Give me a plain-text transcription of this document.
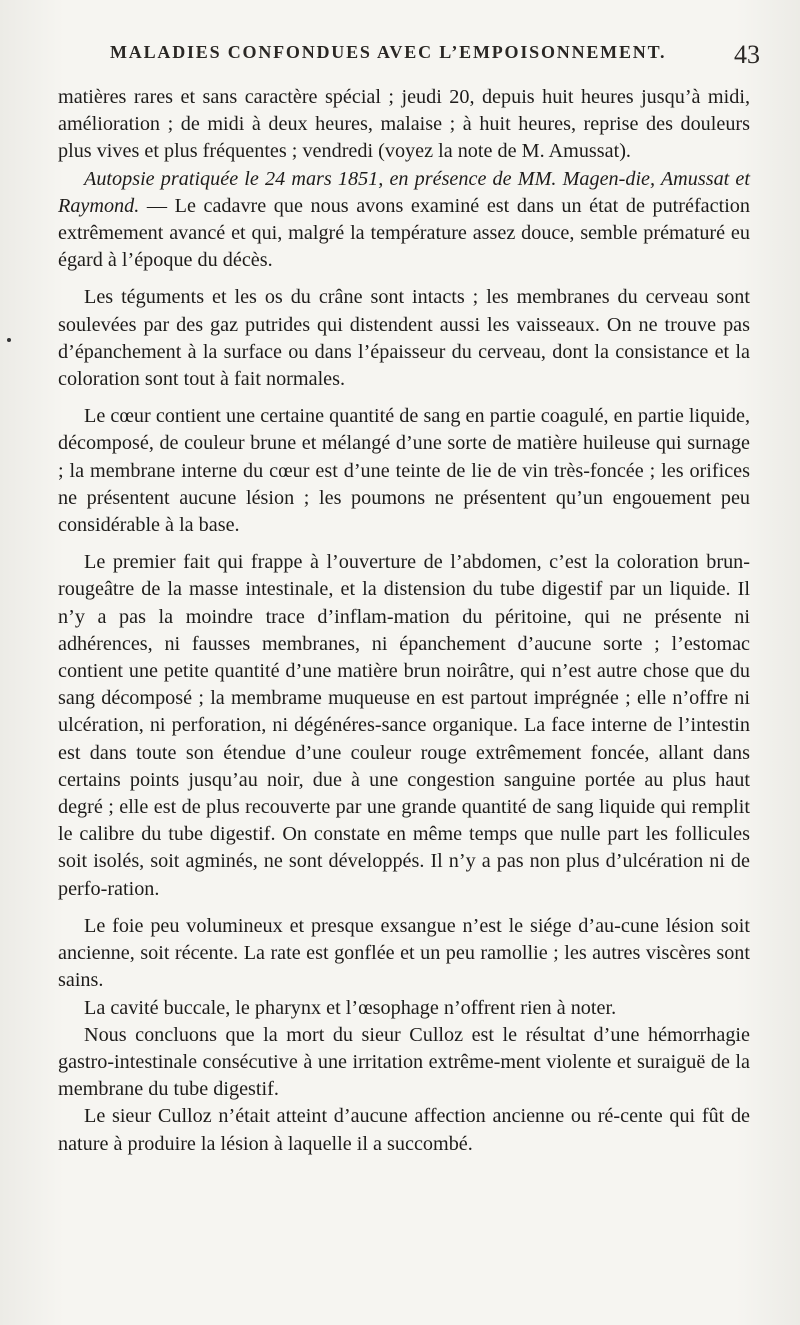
MALADIES CONFONDUES AVEC L’EMPOISONNEMENT.	43

matières rares et sans caractère spécial ; jeudi 20, depuis huit heures jusqu’à midi, amélioration ; de midi à deux heures, malaise ; à huit heures, reprise des douleurs plus vives et plus fréquentes ; vendredi (voyez la note de M. Amussat).

Autopsie pratiquée le 24 mars 1851, en présence de MM. Magen-die, Amussat et Raymond. — Le cadavre que nous avons examiné est dans un état de putréfaction extrêmement avancé et qui, malgré la température assez douce, semble prématuré eu égard à l’époque du décès.

Les téguments et les os du crâne sont intacts ; les membranes du cerveau sont soulevées par des gaz putrides qui distendent aussi les vaisseaux. On ne trouve pas d’épanchement à la surface ou dans l’épaisseur du cerveau, dont la consistance et la coloration sont tout à fait normales.

Le cœur contient une certaine quantité de sang en partie coagulé, en partie liquide, décomposé, de couleur brune et mélangé d’une sorte de matière huileuse qui surnage ; la membrane interne du cœur est d’une teinte de lie de vin très-foncée ; les orifices ne présentent aucune lésion ; les poumons ne présentent qu’un engouement peu considérable à la base.

Le premier fait qui frappe à l’ouverture de l’abdomen, c’est la coloration brun-rougeâtre de la masse intestinale, et la distension du tube digestif par un liquide. Il n’y a pas la moindre trace d’inflam-mation du péritoine, qui ne présente ni adhérences, ni fausses membranes, ni épanchement d’aucune sorte ; l’estomac contient une petite quantité d’une matière brun noirâtre, qui n’est autre chose que du sang décomposé ; la membrame muqueuse en est partout imprégnée ; elle n’offre ni ulcération, ni perforation, ni dégénéres-sance organique. La face interne de l’intestin est dans toute son étendue d’une couleur rouge extrêmement foncée, allant dans certains points jusqu’au noir, due à une congestion sanguine portée au plus haut degré ; elle est de plus recouverte par une grande quantité de sang liquide qui remplit le calibre du tube digestif. On constate en même temps que nulle part les follicules soit isolés, soit agminés, ne sont développés. Il n’y a pas non plus d’ulcération ni de perfo-ration.

Le foie peu volumineux et presque exsangue n’est le siége d’au-cune lésion soit ancienne, soit récente. La rate est gonflée et un peu ramollie ; les autres viscères sont sains.

La cavité buccale, le pharynx et l’œsophage n’offrent rien à noter.

Nous concluons que la mort du sieur Culloz est le résultat d’une hémorrhagie gastro-intestinale consécutive à une irritation extrême-ment violente et suraiguë de la membrane du tube digestif.

Le sieur Culloz n’était atteint d’aucune affection ancienne ou ré-cente qui fût de nature à produire la lésion à laquelle il a succombé.
